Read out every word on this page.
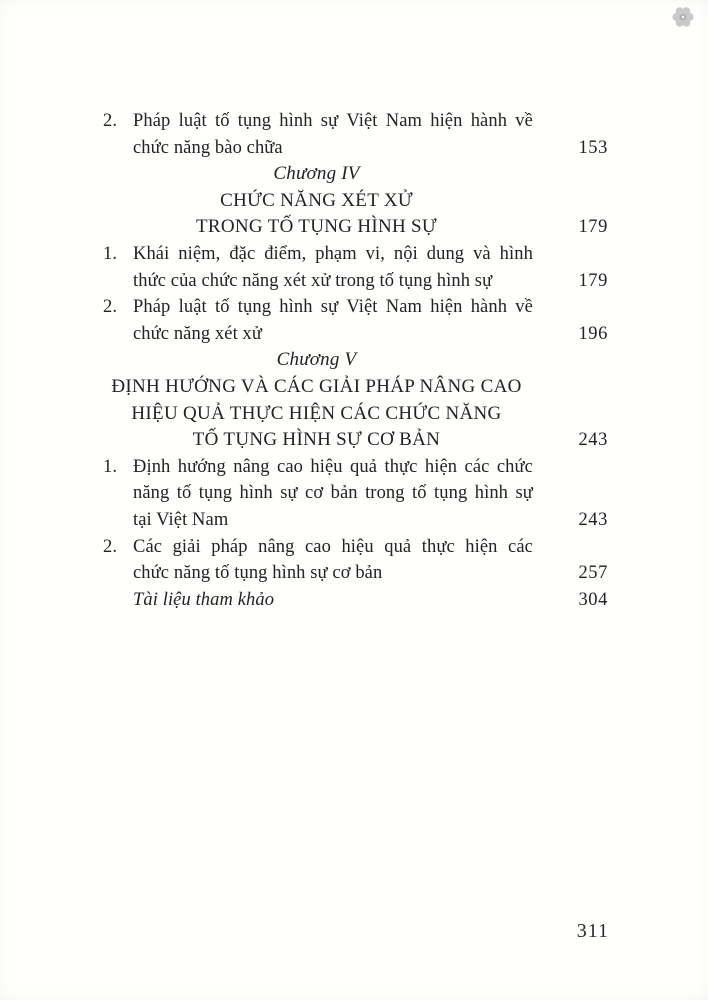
2. Pháp luật tố tụng hình sự Việt Nam hiện hành về
chức năng bào chữa	153
Chương IV
CHỨC NĂNG XÉT XỬ
TRONG TỐ TỤNG HÌNH SỰ	179
1. Khái niệm, đặc điểm, phạm vi, nội dung và hình
thức của chức năng xét xử trong tố tụng hình sự	179
2. Pháp luật tố tụng hình sự Việt Nam hiện hành về
chức năng xét xử	196
Chương V
ĐỊNH HƯỚNG VÀ CÁC GIẢI PHÁP NÂNG CAO
HIỆU QUẢ THỰC HIỆN CÁC CHỨC NĂNG
TỐ TỤNG HÌNH SỰ CƠ BẢN	243
1. Định hướng nâng cao hiệu quả thực hiện các chức
năng tố tụng hình sự cơ bản trong tố tụng hình sự
tại Việt Nam	243
2. Các giải pháp nâng cao hiệu quả thực hiện các
chức năng tố tụng hình sự cơ bản	257
Tài liệu tham khảo	304
311
